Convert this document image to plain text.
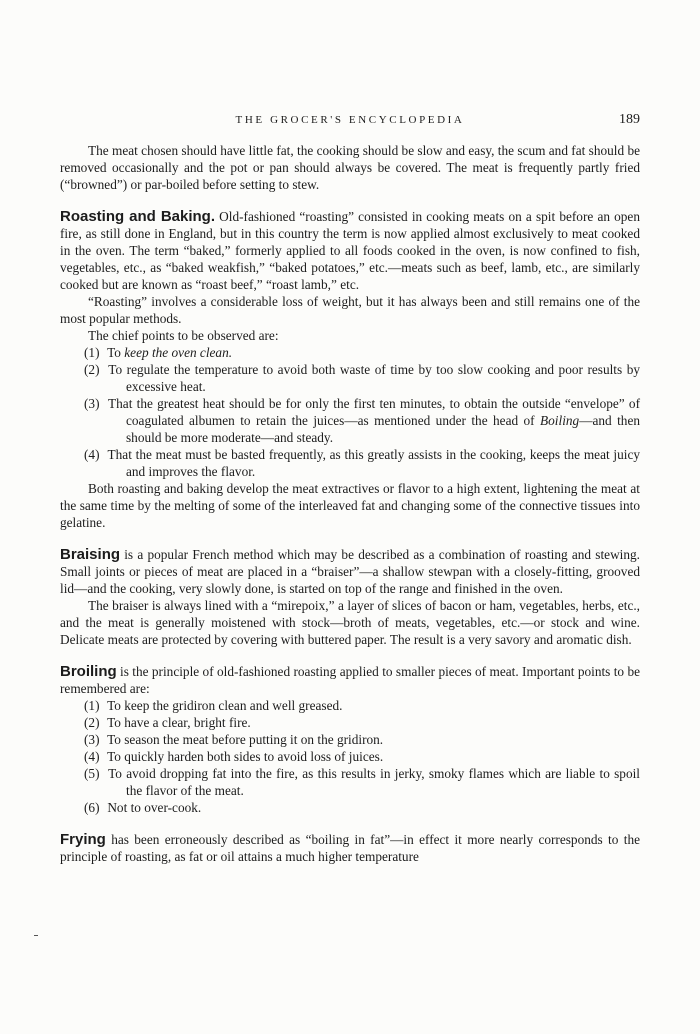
THE GROCER'S ENCYCLOPEDIA	189

The meat chosen should have little fat, the cooking should be slow and easy, the scum and fat should be removed occasionally and the pot or pan should always be covered. The meat is frequently partly fried (“browned”) or par-boiled before setting to stew.

Roasting and Baking. Old-fashioned “roasting” consisted in cooking meats on a spit before an open fire, as still done in England, but in this country the term is now applied almost exclusively to meat cooked in the oven. The term “baked,” formerly applied to all foods cooked in the oven, is now confined to fish, vegetables, etc., as “baked weakfish,” “baked potatoes,” etc.—meats such as beef, lamb, etc., are similarly cooked but are known as “roast beef,” “roast lamb,” etc.

“Roasting” involves a considerable loss of weight, but it has always been and still remains one of the most popular methods.

The chief points to be observed are:

(1) To keep the oven clean.
(2) To regulate the temperature to avoid both waste of time by too slow cooking and poor results by excessive heat.
(3) That the greatest heat should be for only the first ten minutes, to obtain the outside “envelope” of coagulated albumen to retain the juices—as mentioned under the head of Boiling—and then should be more moderate—and steady.
(4) That the meat must be basted frequently, as this greatly assists in the cooking, keeps the meat juicy and improves the flavor.

Both roasting and baking develop the meat extractives or flavor to a high extent, lightening the meat at the same time by the melting of some of the interleaved fat and changing some of the connective tissues into gelatine.

Braising is a popular French method which may be described as a combination of roasting and stewing. Small joints or pieces of meat are placed in a “braiser”—a shallow stewpan with a closely-fitting, grooved lid—and the cooking, very slowly done, is started on top of the range and finished in the oven.

The braiser is always lined with a “mirepoix,” a layer of slices of bacon or ham, vegetables, herbs, etc., and the meat is generally moistened with stock—broth of meats, vegetables, etc.—or stock and wine. Delicate meats are protected by covering with buttered paper. The result is a very savory and aromatic dish.

Broiling is the principle of old-fashioned roasting applied to smaller pieces of meat. Important points to be remembered are:

(1) To keep the gridiron clean and well greased.
(2) To have a clear, bright fire.
(3) To season the meat before putting it on the gridiron.
(4) To quickly harden both sides to avoid loss of juices.
(5) To avoid dropping fat into the fire, as this results in jerky, smoky flames which are liable to spoil the flavor of the meat.
(6) Not to over-cook.

Frying has been erroneously described as “boiling in fat”—in effect it more nearly corresponds to the principle of roasting, as fat or oil attains a much higher temperature
